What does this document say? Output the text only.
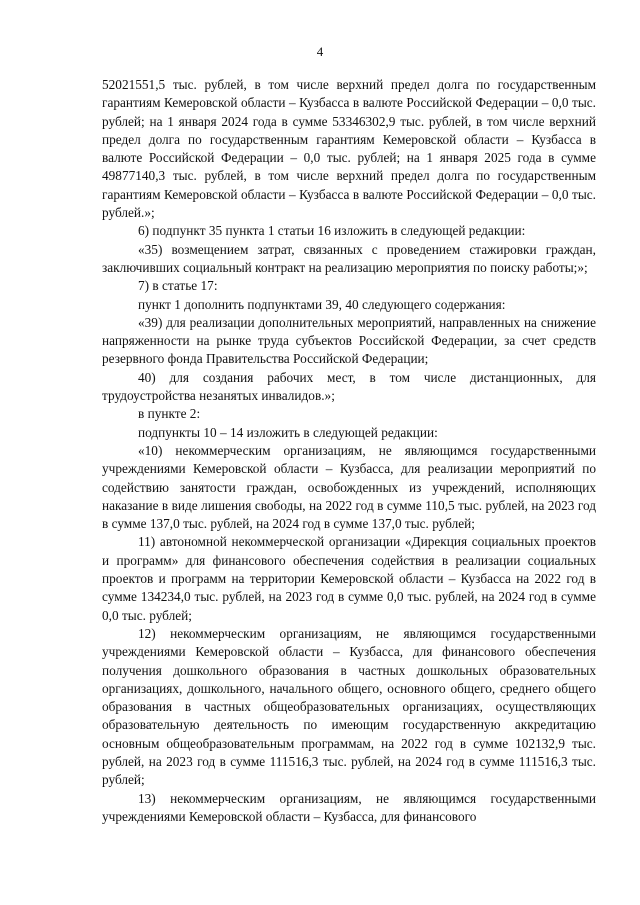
4

52021551,5 тыс. рублей, в том числе верхний предел долга по государственным гарантиям Кемеровской области – Кузбасса в валюте Российской Федерации – 0,0 тыс. рублей; на 1 января 2024 года в сумме 53346302,9 тыс. рублей, в том числе верхний предел долга по государственным гарантиям Кемеровской области – Кузбасса в валюте Российской Федерации – 0,0 тыс. рублей; на 1 января 2025 года в сумме 49877140,3 тыс. рублей, в том числе верхний предел долга по государственным гарантиям Кемеровской области – Кузбасса в валюте Российской Федерации – 0,0 тыс. рублей.»;

6) подпункт 35 пункта 1 статьи 16 изложить в следующей редакции:

«35) возмещением затрат, связанных с проведением стажировки граждан, заключивших социальный контракт на реализацию мероприятия по поиску работы;»;

7) в статье 17:

пункт 1 дополнить подпунктами 39, 40 следующего содержания:

«39) для реализации дополнительных мероприятий, направленных на снижение напряженности на рынке труда субъектов Российской Федерации, за счет средств резервного фонда Правительства Российской Федерации;

40) для создания рабочих мест, в том числе дистанционных, для трудоустройства незанятых инвалидов.»;

в пункте 2:

подпункты 10 – 14 изложить в следующей редакции:

«10) некоммерческим организациям, не являющимся государственными учреждениями Кемеровской области – Кузбасса, для реализации мероприятий по содействию занятости граждан, освобожденных из учреждений, исполняющих наказание в виде лишения свободы, на 2022 год в сумме 110,5 тыс. рублей, на 2023 год в сумме 137,0 тыс. рублей, на 2024 год в сумме 137,0 тыс. рублей;

11) автономной некоммерческой организации «Дирекция социальных проектов и программ» для финансового обеспечения содействия в реализации социальных проектов и программ на территории Кемеровской области – Кузбасса на 2022 год в сумме 134234,0 тыс. рублей, на 2023 год в сумме 0,0 тыс. рублей, на 2024 год в сумме 0,0 тыс. рублей;

12) некоммерческим организациям, не являющимся государственными учреждениями Кемеровской области – Кузбасса, для финансового обеспечения получения дошкольного образования в частных дошкольных образовательных организациях, дошкольного, начального общего, основного общего, среднего общего образования в частных общеобразовательных организациях, осуществляющих образовательную деятельность по имеющим государственную аккредитацию основным общеобразовательным программам, на 2022 год в сумме 102132,9 тыс. рублей, на 2023 год в сумме 111516,3 тыс. рублей, на 2024 год в сумме 111516,3 тыс. рублей;

13) некоммерческим организациям, не являющимся государственными учреждениями Кемеровской области – Кузбасса, для финансового
